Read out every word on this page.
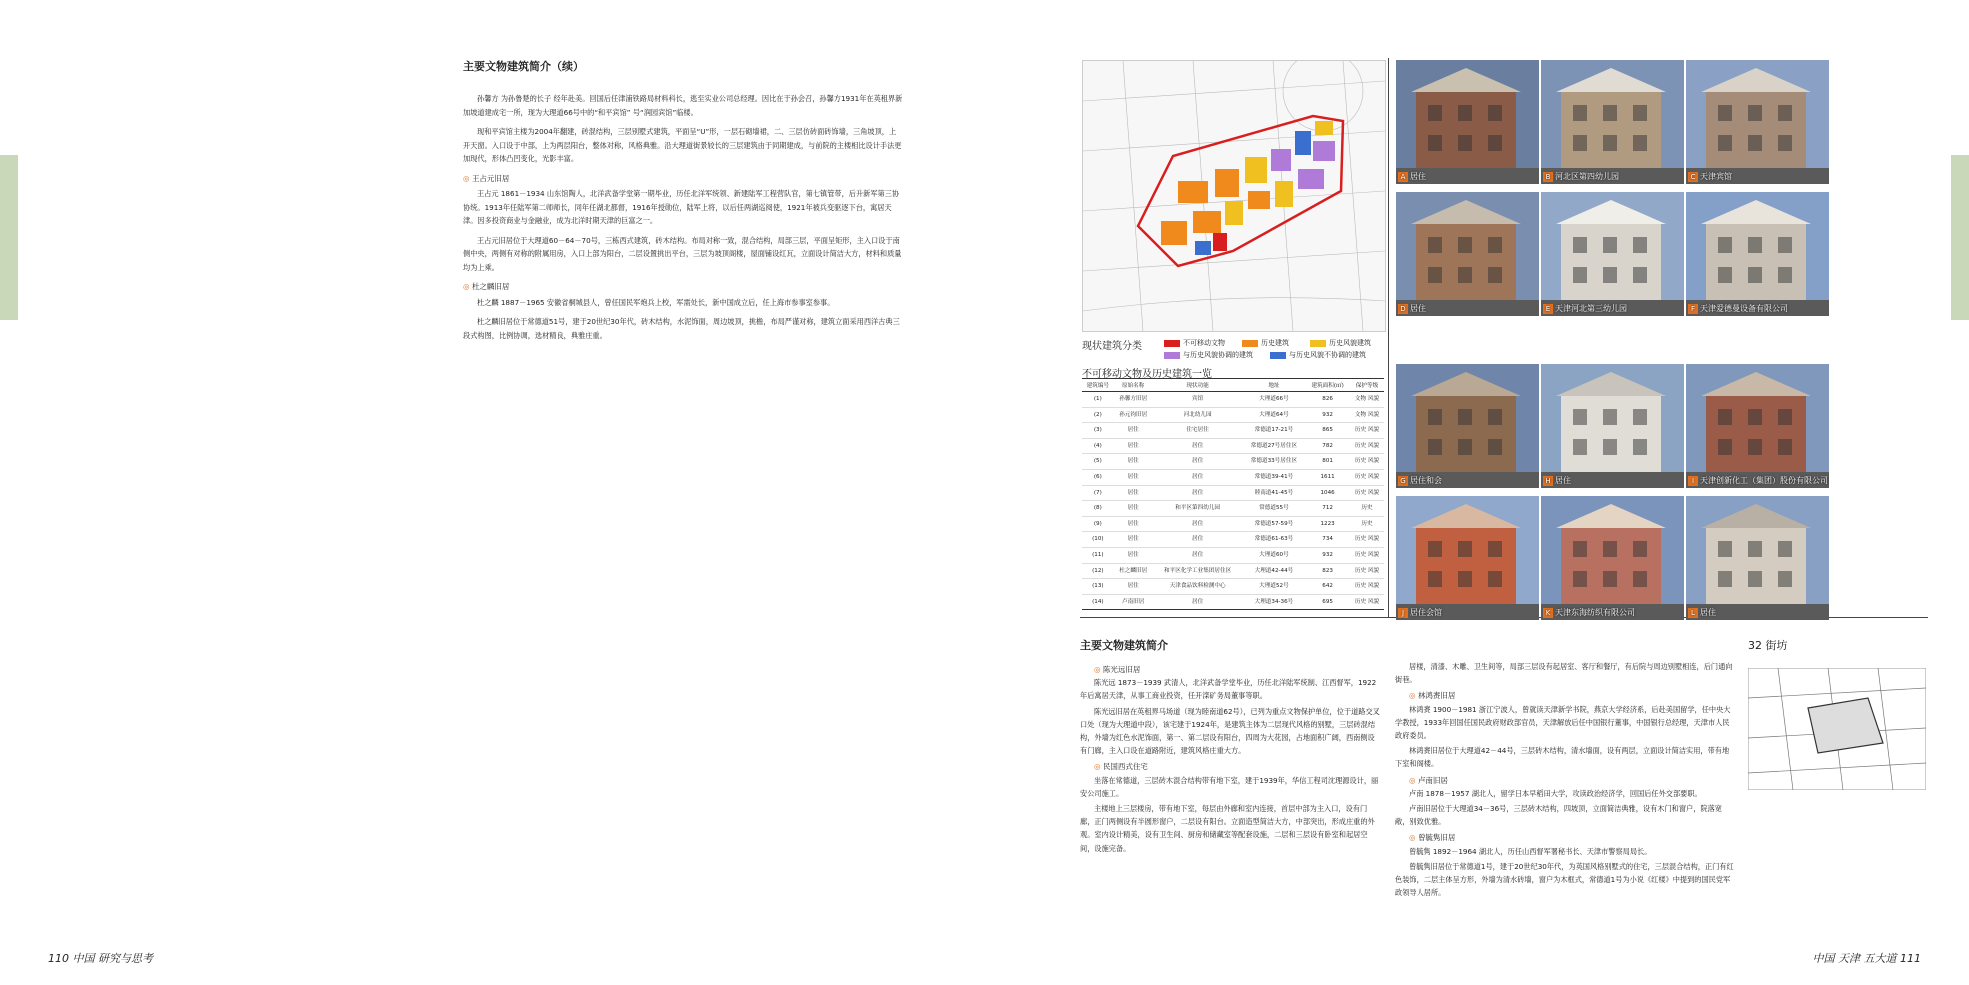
主要文物建筑简介（续）

孙馨方 为孙鲁楚的长子 经年赴美。回国后任津浦铁路局材料科长，逃至实业公司总经理。因比在于孙会召，孙馨方1931年在英租界新加坡道建成宅一所，现为大理道66号中的“和平宾馆” 号“润园宾馆”临楼。

现和平宾馆主楼为2004年翻建，砖混结构，三层别墅式建筑，平面呈“U”形，一层石砌墙裙，二、三层仿砖面砖饰墙，三角坡顶，上开天窗。入口设于中部，上为两层阳台，整体对称，风格典雅。沿大理道街景较长的三层建筑由于同期建成，与前院的主楼相比设计手法更加现代，形体凸凹变化，光影丰富。

◎ 王占元旧居

王占元 1861－1934 山东馆陶人，北洋武备学堂第一期毕业，历任北洋军统领、新建陆军工程营队官，第七镇管带，后升新军第三协协统。1913年任陆军第二师师长，同年任湖北都督，1916年授勋位，陆军上将，以后任两湖巡阅使，1921年被兵变驱逐下台，寓居天津。因多投资商业与金融业，成为北洋时期天津的巨富之一。

王占元旧居位于大理道60－64－70号，三栋西式建筑，砖木结构。布局对称一致，混合结构，局部三层，平面呈矩形，主入口设于南侧中央，两侧有对称的附属用房，入口上部为阳台，二层设置挑出平台，三层为坡顶阁楼，屋面铺设红瓦，立面设计简洁大方，材料和质量均为上乘。

◎ 杜之麟旧居

杜之麟 1887－1965 安徽省桐城县人，曾任国民军炮兵上校，军需处长，新中国成立后，任上海市参事室参事。

杜之麟旧居位于常德道51号，建于20世纪30年代，砖木结构，水泥饰面，周边坡顶，挑檐，布局严谨对称，建筑立面采用西洋古典三段式构图，比例协调，选材精良，典雅庄重。

110 中国 研究与思考
现状建筑分类	不可移动文物	历史建筑	历史风貌建筑
与历史风貌协调的建筑	与历史风貌不协调的建筑
不可移动文物及历史建筑一览
建筑编号	原始名称	现状功能	地址	建筑面积(㎡)	保护等级
(1)	孙馨方旧居	宾馆	大理道66号	826	文物 风貌
(2)	孙元钧旧居	河北幼儿园	大理道64号	932	文物 风貌
(3)	居住	住宅居住	常德道17-21号	865	历史 风貌
(4)	居住	居住	常德道27号居住区	782	历史 风貌
(5)	居住	居住	常德道33号居住区	801	历史 风貌
(6)	居住	居住	常德道39-41号	1611	历史 风貌
(7)	居住	居住	睦南道41-45号	1046	历史 风貌
(8)	居住	和平区第四幼儿园	常德道55号	712	历史
(9)	居住	居住	常德道57-59号	1223	历史
(10)	居住	居住	常德道61-63号	734	历史 风貌
(11)	居住	居住	大理道60号	932	历史 风貌
(12)	杜之麟旧居	和平区化学工业集团居住区	大理道42-44号	823	历史 风貌
(13)	居住	天津食品饮料检测中心	大理道52号	642	历史 风貌
(14)	卢南旧居	居住	大理道34-36号	695	历史 风貌
A 居住	B 河北区第四幼儿园	C 天津宾馆
D 居住	E 天津河北第三幼儿园	F 天津爱德曼设备有限公司
G 居住和会	H 居住	I 天津创新化工（集团）股份有限公司
J 居住会馆	K 天津东海纺织有限公司	L 居住
主要文物建筑简介	32 街坊
◎ 陈光远旧居

陈光远 1873－1939 武清人，北洋武备学堂毕业，历任北洋陆军统制、江西督军，1922年后寓居天津，从事工商业投资，任开滦矿务局董事等职。

陈光远旧居在英租界马场道（现为睦南道62号），已列为重点文物保护单位，位于道路交叉口处（现为大理道中段），该宅建于1924年，是建筑主体为二层现代风格的别墅，三层砖混结构，外墙为红色水泥饰面，第一、第二层设有阳台，四周为大花园，占地面积广阔，西南侧设有门廊，主入口设在道路附近，建筑风格庄重大方。

◎ 民国西式住宅

坐落在常德道，三层砖木混合结构带有地下室，建于1939年，华信工程司沈理源设计，丽安公司施工。

主楼地上三层楼房，带有地下室，每层由外廊和室内连接，首层中部为主入口，设有门廊，正门两侧设有半圆形窗户，二层设有阳台。立面造型简洁大方，中部突出，形成庄重的外观。室内设计精美，设有卫生间、厨房和储藏室等配套设施，二层和三层设有卧室和起居空间，设施完备。

居楼，清漆、木雕、卫生间等，局部三层设有起居室、客厅和餐厅，有后院与周边别墅相连，后门通向街巷。

◎ 林鸿赉旧居

林鸿赉 1900－1981 浙江宁波人，曾就读天津新学书院，燕京大学经济系，后赴美国留学，任中央大学教授，1933年回国任国民政府财政部官员，天津解放后任中国银行董事，中国银行总经理，天津市人民政府委员。

林鸿赉旧居位于大理道42－44号，三层砖木结构，清水墙面，设有两层，立面设计简洁实用，带有地下室和阁楼。

◎ 卢南旧居

卢南 1878－1957 湖北人，留学日本早稻田大学，攻读政治经济学，回国后任外交部要职。

卢南旧居位于大理道34－36号，三层砖木结构，四坡顶，立面简洁典雅，设有木门和窗户，院落宽敞，别致优雅。

◎ 曾毓隽旧居

曾毓隽 1892－1964 湖北人，历任山西督军署秘书长、天津市警察局局长。

曾毓隽旧居位于常德道1号，建于20世纪30年代，为英国风格别墅式的住宅，三层混合结构，正门有红色装饰，二层主体呈方形，外墙为清水砖墙，窗户为木框式，常德道1号为小说《红楼》中提到的国民党军政领导人居所。

中国 天津 五大道 111
